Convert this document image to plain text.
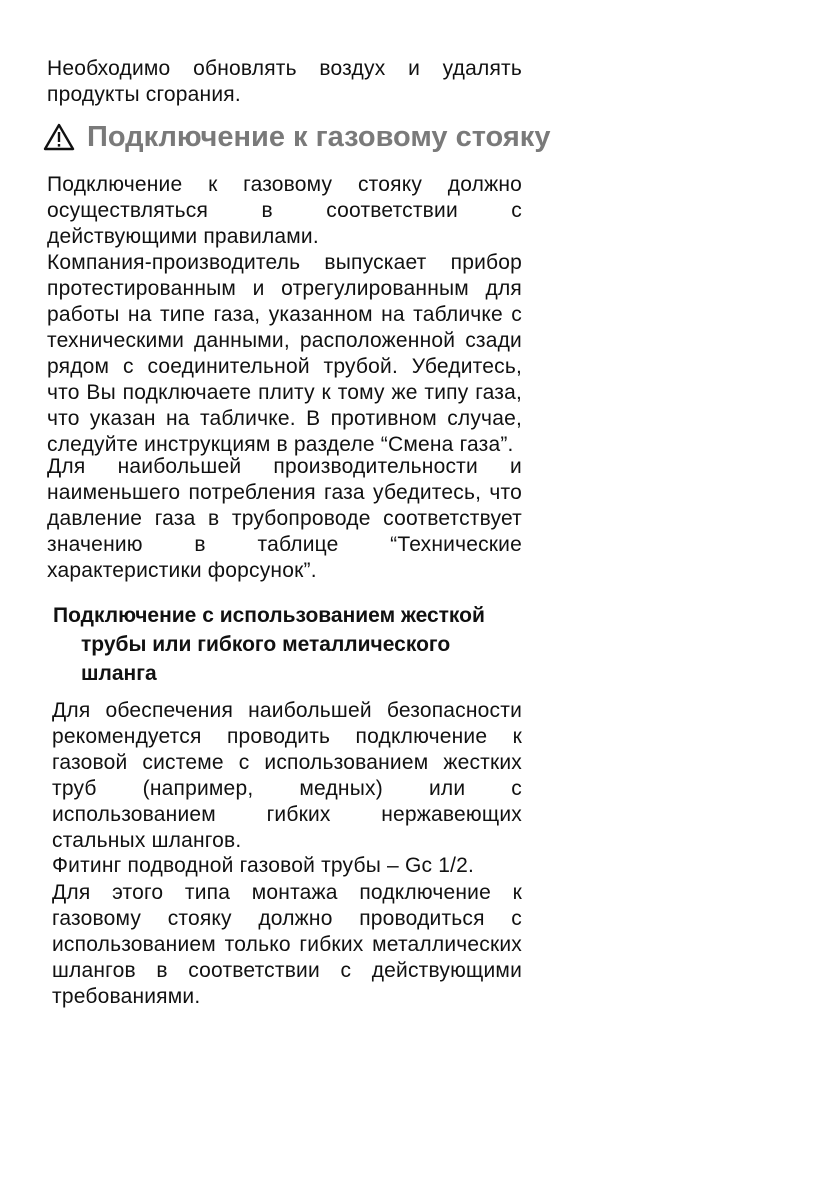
Необходимо обновлять воздух и удалять продукты сгорания.

Подключение к газовому стояку

Подключение к газовому стояку должно осуществляться в соответствии с действующими правилами.

Компания-производитель выпускает прибор протестированным и отрегулированным для работы на типе газа, указанном на табличке с техническими данными, расположенной сзади рядом с соединительной трубой. Убедитесь, что Вы подключаете плиту к тому же типу газа, что указан на табличке. В противном случае, следуйте инструкциям в разделе “Смена газа”.

Для наибольшей производительности и наименьшего потребления газа убедитесь, что давление газа в трубопроводе соответствует значению в таблице “Технические характеристики форсунок”.

Подключение с использованием жесткой трубы или гибкого металлического шланга

Для обеспечения наибольшей безопасности рекомендуется проводить подключение к газовой системе с использованием жестких труб (например, медных) или с использованием гибких нержавеющих стальных шлангов.

Фитинг подводной газовой трубы – Gc 1/2.

Для этого типа монтажа подключение к газовому стояку должно проводиться с использованием только гибких металлических шлангов в соответствии с действующими требованиями.
